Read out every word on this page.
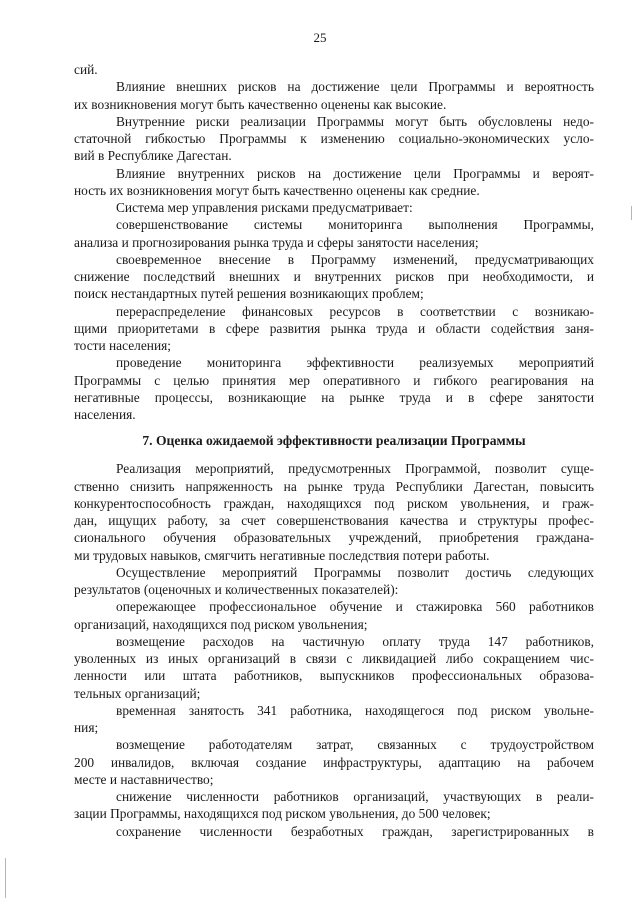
25
сий.
Влияние внешних рисков на достижение цели Программы и вероятность
их возникновения могут быть качественно оценены как высокие.
Внутренние риски реализации Программы могут быть обусловлены недо-
статочной гибкостью Программы к изменению социально-экономических усло-
вий в Республике Дагестан.
Влияние внутренних рисков на достижение цели Программы и вероят-
ность их возникновения могут быть качественно оценены как средние.
Система мер управления рисками предусматривает:
совершенствование системы мониторинга выполнения Программы,
анализа и прогнозирования рынка труда и сферы занятости населения;
своевременное внесение в Программу изменений, предусматривающих
снижение последствий внешних и внутренних рисков при необходимости, и
поиск нестандартных путей решения возникающих проблем;
перераспределение финансовых ресурсов в соответствии с возникаю-
щими приоритетами в сфере развития рынка труда и области содействия заня-
тости населения;
проведение мониторинга эффективности реализуемых мероприятий
Программы с целью принятия мер оперативного и гибкого реагирования на
негативные процессы, возникающие на рынке труда и в сфере занятости
населения.
7. Оценка ожидаемой эффективности реализации Программы
Реализация мероприятий, предусмотренных Программой, позволит суще-
ственно снизить напряженность на рынке труда Республики Дагестан, повысить
конкурентоспособность граждан, находящихся под риском увольнения, и граж-
дан, ищущих работу, за счет совершенствования качества и структуры профес-
сионального обучения образовательных учреждений, приобретения граждана-
ми трудовых навыков, смягчить негативные последствия потери работы.
Осуществление мероприятий Программы позволит достичь следующих
результатов (оценочных и количественных показателей):
опережающее профессиональное обучение и стажировка 560 работников
организаций, находящихся под риском увольнения;
возмещение расходов на частичную оплату труда 147 работников,
уволенных из иных организаций в связи с ликвидацией либо сокращением чис-
ленности или штата работников, выпускников профессиональных образова-
тельных организаций;
временная занятость 341 работника, находящегося под риском увольне-
ния;
возмещение работодателям затрат, связанных с трудоустройством
200 инвалидов, включая создание инфраструктуры, адаптацию на рабочем
месте и наставничество;
снижение численности работников организаций, участвующих в реали-
зации Программы, находящихся под риском увольнения, до 500 человек;
сохранение численности безработных граждан, зарегистрированных в
